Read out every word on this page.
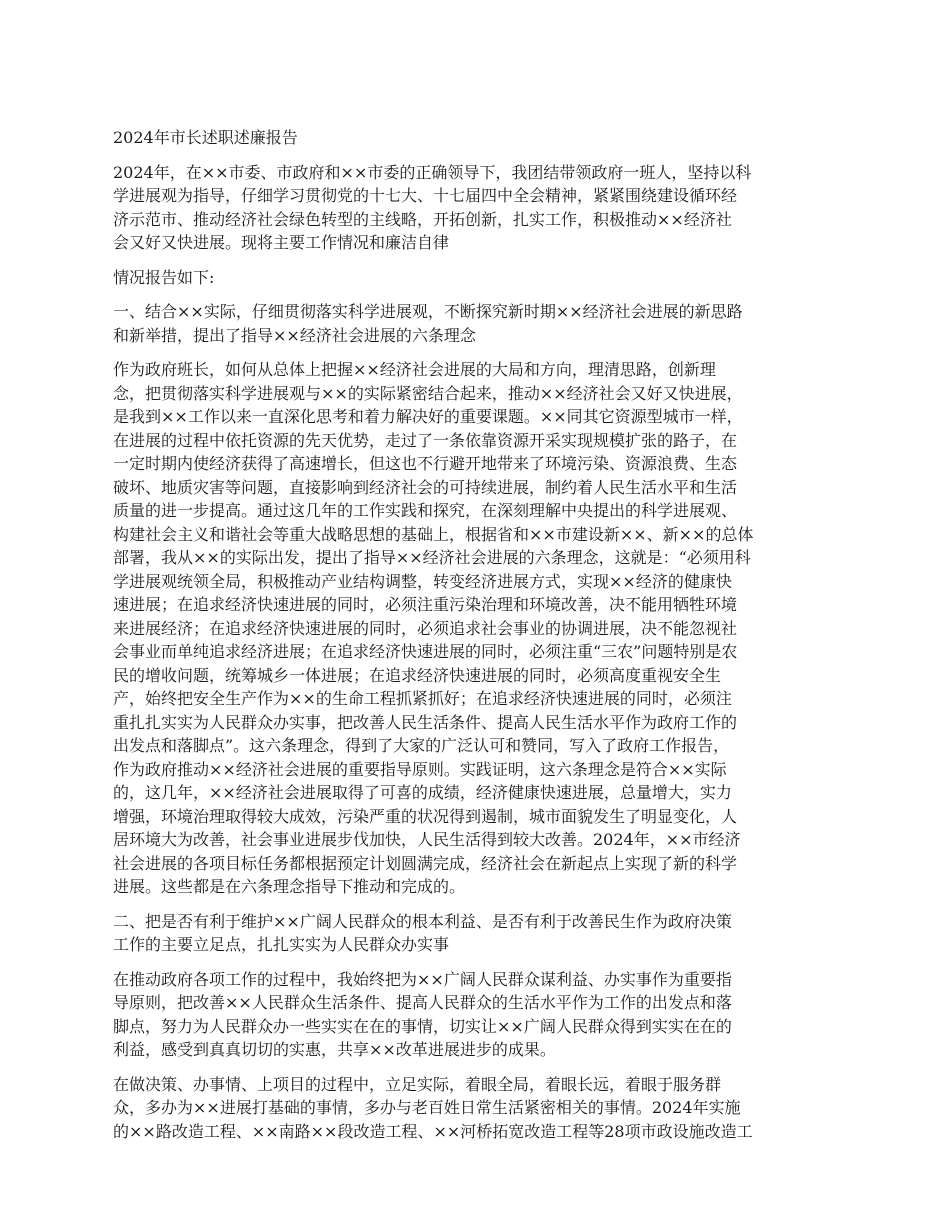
2024年市长述职述廉报告
2024年，在××市委、市政府和××市委的正确领导下，我团结带领政府一班人，坚持以科
学进展观为指导，仔细学习贯彻党的十七大、十七届四中全会精神，紧紧围绕建设循环经
济示范市、推动经济社会绿色转型的主线略，开拓创新，扎实工作，积极推动××经济社
会又好又快进展。现将主要工作情况和廉洁自律
情况报告如下:
一、结合××实际，仔细贯彻落实科学进展观，不断探究新时期××经济社会进展的新思路
和新举措，提出了指导××经济社会进展的六条理念
作为政府班长，如何从总体上把握××经济社会进展的大局和方向，理清思路，创新理
念，把贯彻落实科学进展观与××的实际紧密结合起来，推动××经济社会又好又快进展，
是我到××工作以来一直深化思考和着力解决好的重要课题。××同其它资源型城市一样，
在进展的过程中依托资源的先天优势，走过了一条依靠资源开采实现规模扩张的路子，在
一定时期内使经济获得了高速增长，但这也不行避开地带来了环境污染、资源浪费、生态
破坏、地质灾害等问题，直接影响到经济社会的可持续进展，制约着人民生活水平和生活
质量的进一步提高。通过这几年的工作实践和探究，在深刻理解中央提出的科学进展观、
构建社会主义和谐社会等重大战略思想的基础上，根据省和××市建设新××、新××的总体
部署，我从××的实际出发，提出了指导××经济社会进展的六条理念，这就是：“必须用科
学进展观统领全局，积极推动产业结构调整，转变经济进展方式，实现××经济的健康快
速进展；在追求经济快速进展的同时，必须注重污染治理和环境改善，决不能用牺牲环境
来进展经济；在追求经济快速进展的同时，必须追求社会事业的协调进展，决不能忽视社
会事业而单纯追求经济进展；在追求经济快速进展的同时，必须注重“三农”问题特别是农
民的增收问题，统筹城乡一体进展；在追求经济快速进展的同时，必须高度重视安全生
产，始终把安全生产作为××的生命工程抓紧抓好；在追求经济快速进展的同时，必须注
重扎扎实实为人民群众办实事，把改善人民生活条件、提高人民生活水平作为政府工作的
出发点和落脚点”。这六条理念，得到了大家的广泛认可和赞同，写入了政府工作报告，
作为政府推动××经济社会进展的重要指导原则。实践证明，这六条理念是符合××实际
的，这几年，××经济社会进展取得了可喜的成绩，经济健康快速进展，总量增大，实力
增强，环境治理取得较大成效，污染严重的状况得到遏制，城市面貌发生了明显变化，人
居环境大为改善，社会事业进展步伐加快，人民生活得到较大改善。2024年，××市经济
社会进展的各项目标任务都根据预定计划圆满完成，经济社会在新起点上实现了新的科学
进展。这些都是在六条理念指导下推动和完成的。
二、把是否有利于维护××广阔人民群众的根本利益、是否有利于改善民生作为政府决策
工作的主要立足点，扎扎实实为人民群众办实事
在推动政府各项工作的过程中，我始终把为××广阔人民群众谋利益、办实事作为重要指
导原则，把改善××人民群众生活条件、提高人民群众的生活水平作为工作的出发点和落
脚点，努力为人民群众办一些实实在在的事情，切实让××广阔人民群众得到实实在在的
利益，感受到真真切切的实惠，共享××改革进展进步的成果。
在做决策、办事情、上项目的过程中，立足实际，着眼全局，着眼长远，着眼于服务群
众，多办为××进展打基础的事情，多办与老百姓日常生活紧密相关的事情。2024年实施
的××路改造工程、××南路××段改造工程、××河桥拓宽改造工程等28项市政设施改造工
